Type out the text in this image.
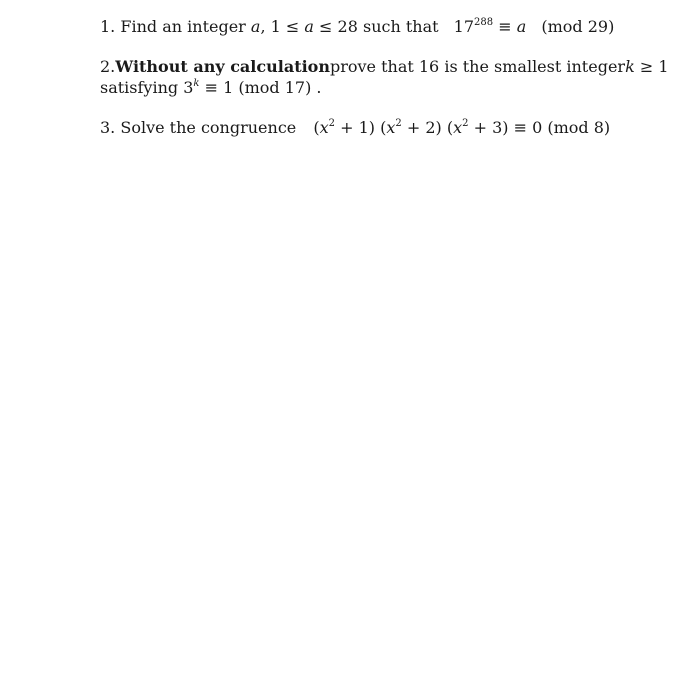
1. Find an integer a, 1 ≤ a ≤ 28 such that $17^{288} \equiv a$ (mod 29)
2. Without any calculation prove that 16 is the smallest integer k ≥ 1
satisfying $3^k \equiv 1$ (mod 17) .
3. Solve the congruence $(x^2 + 1) (x^2 + 2) (x^2 + 3) \equiv 0$ (mod 8)
